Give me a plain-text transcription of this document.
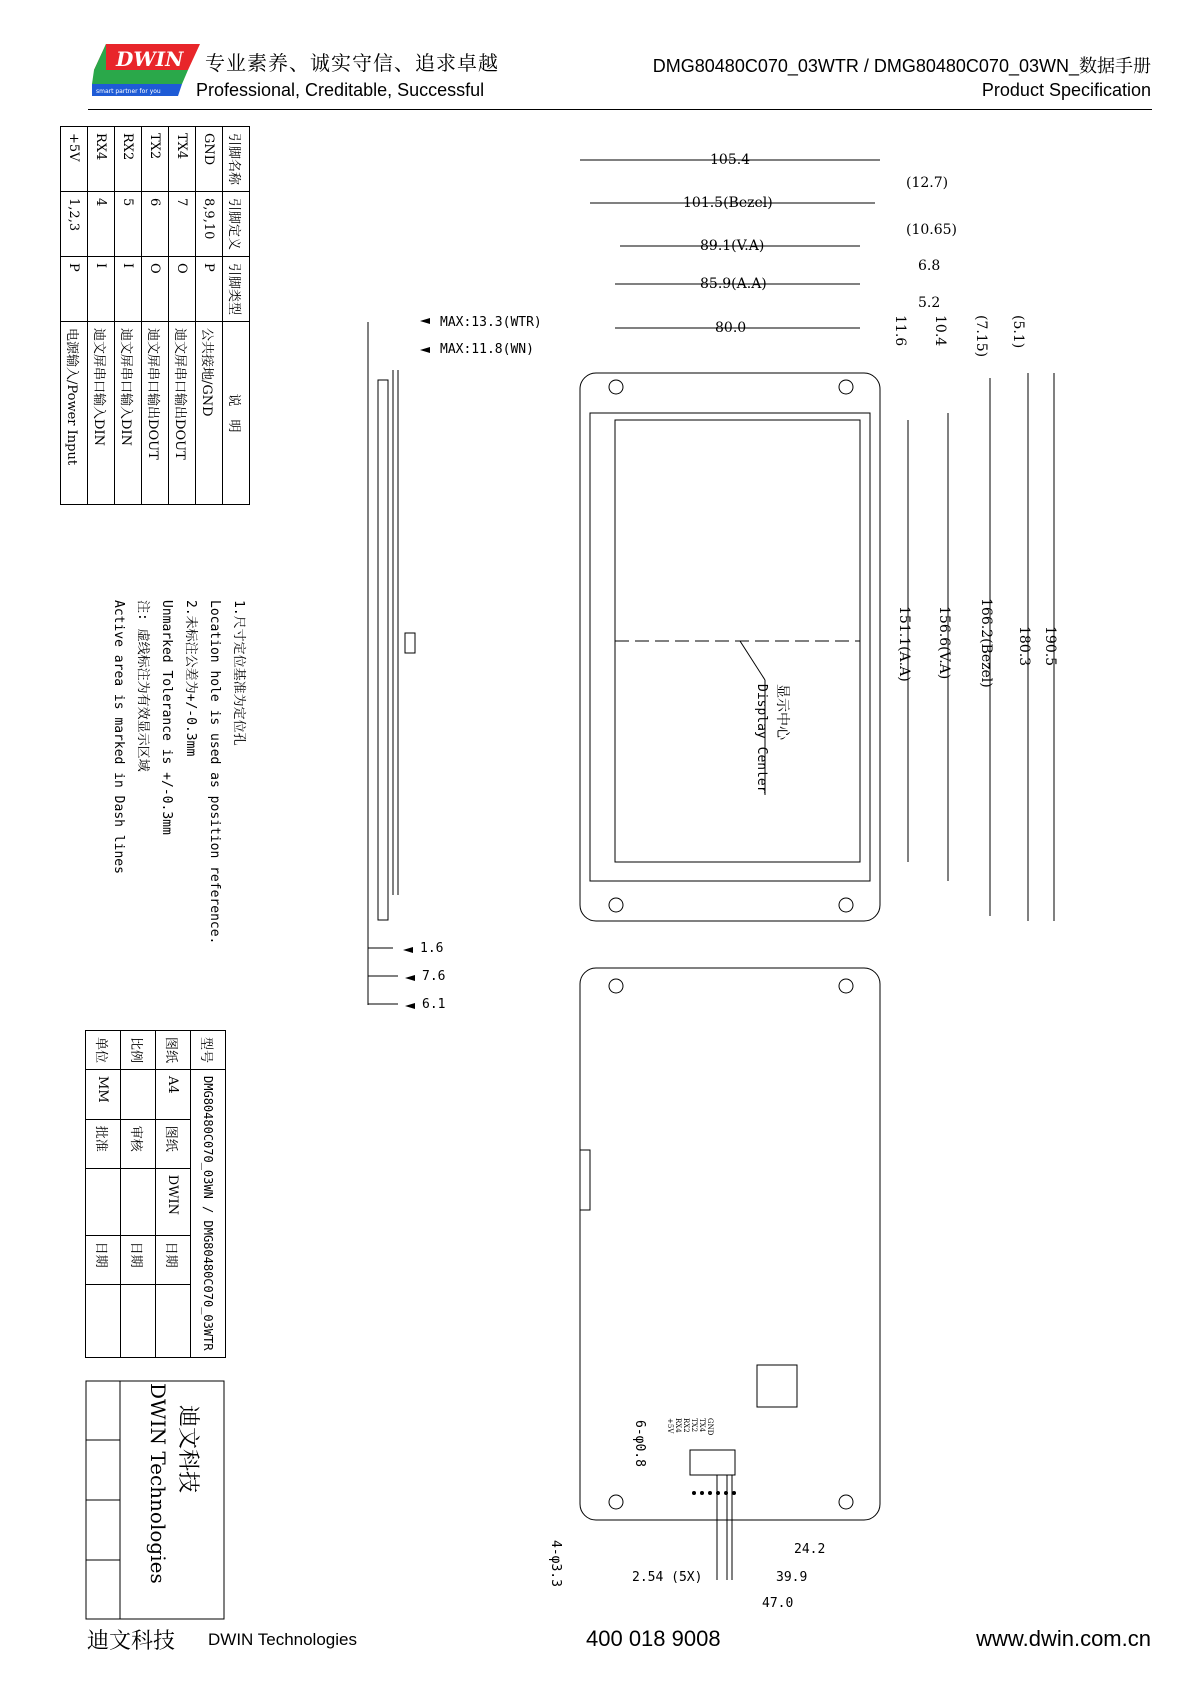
DWIN
smart partner for you
专业素养、诚实守信、追求卓越
Professional, Creditable, Successful
DMG80480C070_03WTR / DMG80480C070_03WN_数据手册
Product Specification
引脚名称	引脚定义	引脚类型	说　明
GND	8,9,10	P	公共接地/GND
TX4	7	O	迪文屏串口输出DOUT
TX2	6	O	迪文屏串口输出DOUT
RX2	5	I	迪文屏串口输入DIN
RX4	4	I	迪文屏串口输入DIN
+5V	1,2,3	P	电源输入/Power Input
1.尺寸定位基准为定位孔
Location hole is used as position reference.
2.未标注公差为+/-0.3mm
Unmarked Tolerance is +/-0.3mm
注: 虚线标注为有效显示区域
Active area is marked in Dash lines
型号	DMG80480C070_03WN / DMG80480C070_03WTR				
图纸	A4	图纸	DWIN	日期	
比例		审核		日期	
单位	MM	批准		日期	
迪文科技
DWIN Technologies
MAX:13.3(WTR)
MAX:11.8(WN)
1.6
7.6
6.1
显示中心
Display Center
105.4
101.5(Bezel)
89.1(V.A)
85.9(A.A)
80.0
(12.7)
(10.65)
6.8
5.2
11.6 10.4 (7.15) (5.1)
151.1(A.A) 156.6(V.A) 166.2(Bezel) 180.3 190.5
6-φ0.8
4-φ3.3	2.54 (5X)
24.2
39.9
47.0
+5V RX4 RX2 TX2 TX4 GND
迪文科技 DWIN Technologies	400 018 9008	www.dwin.com.cn
